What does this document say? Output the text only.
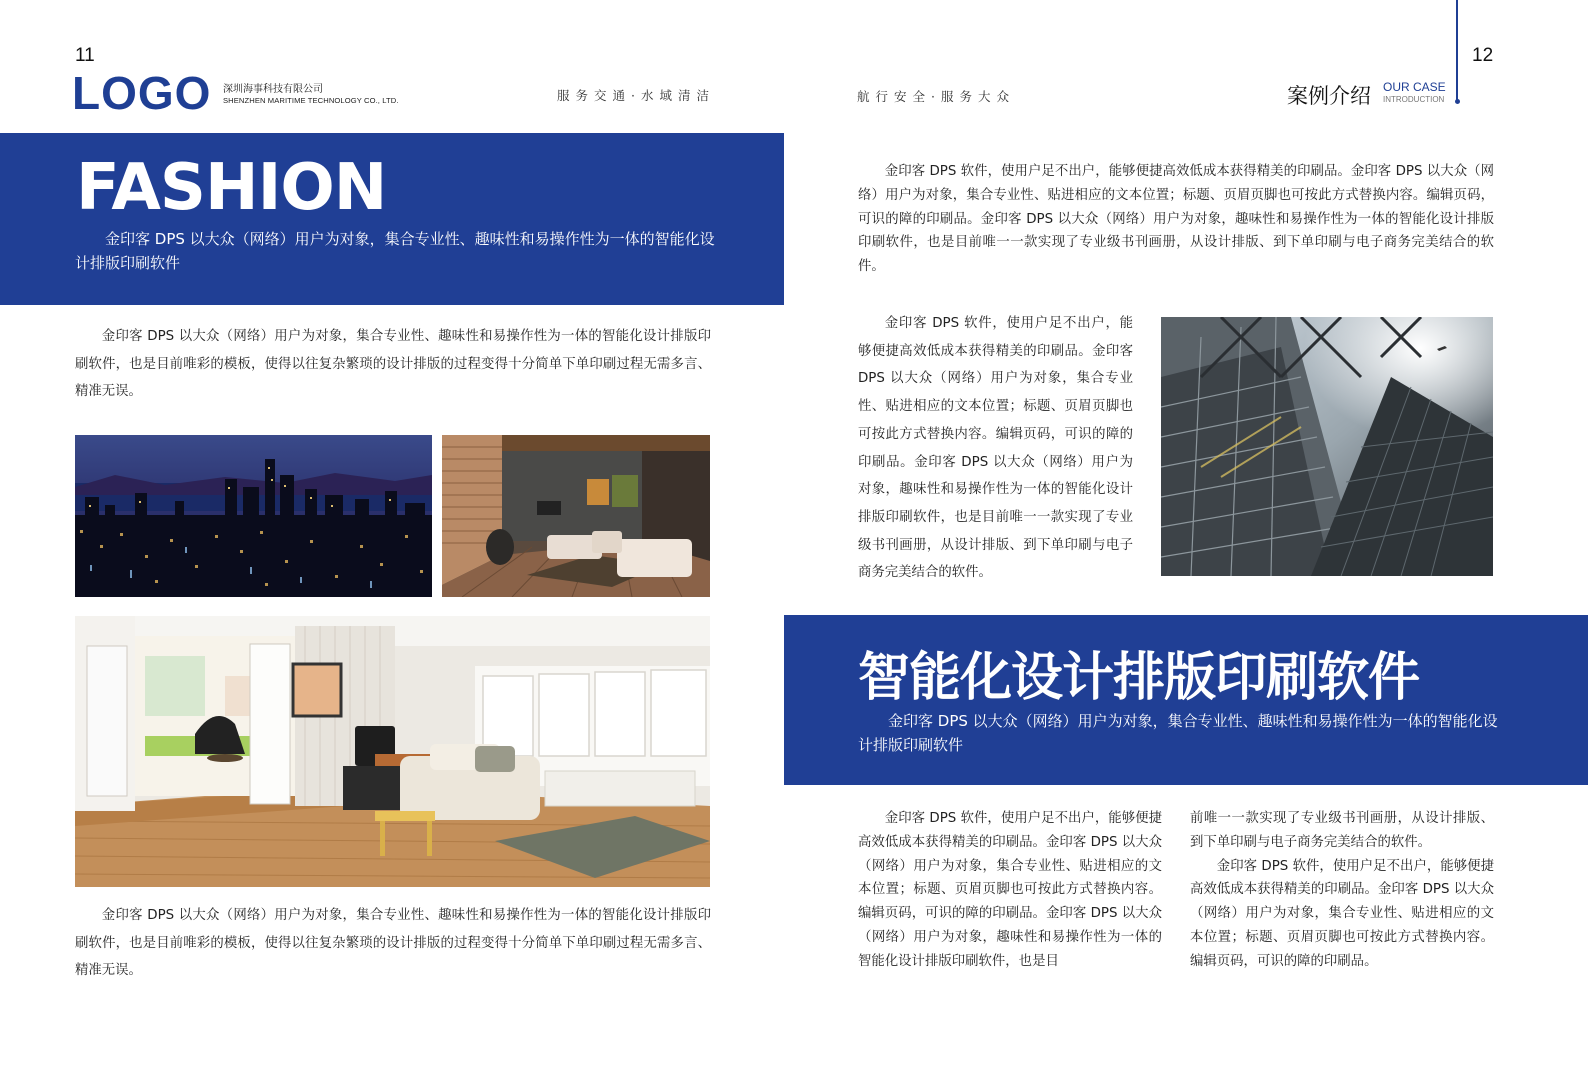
11
LOGO 深圳海事科技有限公司
SHENZHEN MARITIME TECHNOLOGY CO., LTD.	服务交通·水域清洁	航行安全·服务大众	案例介绍 OUR CASE
INTRODUCTION
12
FASHION
金印客 DPS 以大众（网络）用户为对象，集合专业性、趣味性和易操作性为一体的智能化设计排版印刷软件
金印客 DPS 以大众（网络）用户为对象，集合专业性、趣味性和易操作性为一体的智能化设计排版印刷软件，也是目前唯彩的模板，使得以往复杂繁琐的设计排版的过程变得十分简单下单印刷过程无需多言、精准无误。
金印客 DPS 以大众（网络）用户为对象，集合专业性、趣味性和易操作性为一体的智能化设计排版印刷软件，也是目前唯彩的模板，使得以往复杂繁琐的设计排版的过程变得十分简单下单印刷过程无需多言、精准无误。
金印客 DPS 软件，使用户足不出户，能够便捷高效低成本获得精美的印刷品。金印客 DPS 以大众（网络）用户为对象，集合专业性、贴进相应的文本位置；标题、页眉页脚也可按此方式替换内容。编辑页码，可识的障的印刷品。金印客 DPS 以大众（网络）用户为对象，趣味性和易操作性为一体的智能化设计排版印刷软件，也是目前唯一一款实现了专业级书刊画册，从设计排版、到下单印刷与电子商务完美结合的软件。
金印客 DPS 软件，使用户足不出户，能够便捷高效低成本获得精美的印刷品。金印客 DPS 以大众（网络）用户为对象，集合专业性、贴进相应的文本位置；标题、页眉页脚也可按此方式替换内容。编辑页码，可识的障的印刷品。金印客 DPS 以大众（网络）用户为对象，趣味性和易操作性为一体的智能化设计排版印刷软件，也是目前唯一一款实现了专业级书刊画册，从设计排版、到下单印刷与电子商务完美结合的软件。
智能化设计排版印刷软件
金印客 DPS 以大众（网络）用户为对象，集合专业性、趣味性和易操作性为一体的智能化设计排版印刷软件

金印客 DPS 软件，使用户足不出户，能够便捷高效低成本获得精美的印刷品。金印客 DPS 以大众（网络）用户为对象，集合专业性、贴进相应的文本位置；标题、页眉页脚也可按此方式替换内容。编辑页码，可识的障的印刷品。金印客 DPS 以大众（网络）用户为对象，趣味性和易操作性为一体的智能化设计排版印刷软件，也是目

前唯一一款实现了专业级书刊画册，从设计排版、到下单印刷与电子商务完美结合的软件。

金印客 DPS 软件，使用户足不出户，能够便捷高效低成本获得精美的印刷品。金印客 DPS 以大众（网络）用户为对象，集合专业性、贴进相应的文本位置；标题、页眉页脚也可按此方式替换内容。编辑页码，可识的障的印刷品。
